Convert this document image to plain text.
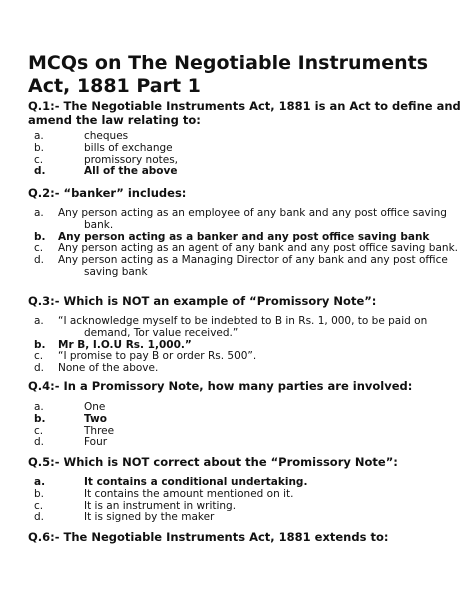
MCQs on The Negotiable Instruments Act, 1881 Part 1

Q.1:- The Negotiable Instruments Act, 1881 is an Act to define and amend the law relating to:

a.	cheques
b.	bills of exchange
c.	promissory notes,
d.	All of the above

Q.2:- “banker” includes:

a. Any person acting as an employee of any bank and any post office saving bank.
b. Any person acting as a banker and any post office saving bank
c. Any person acting as an agent of any bank and any post office saving bank.
d. Any person acting as a Managing Director of any bank and any post office saving bank

Q.3:- Which is NOT an example of “Promissory Note”:

a. “I acknowledge myself to be indebted to B in Rs. 1, 000, to be paid on demand, Tor value received.”
b. Mr B, I.O.U Rs. 1,000.”
c. “I promise to pay B or order Rs. 500”.
d. None of the above.

Q.4:- In a Promissory Note, how many parties are involved:

a.	One
b.	Two
c.	Three
d.	Four

Q.5:- Which is NOT correct about the “Promissory Note”:

a.	It contains a conditional undertaking.
b.	It contains the amount mentioned on it.
c.	It is an instrument in writing.
d.	It is signed by the maker

Q.6:- The Negotiable Instruments Act, 1881 extends to:
